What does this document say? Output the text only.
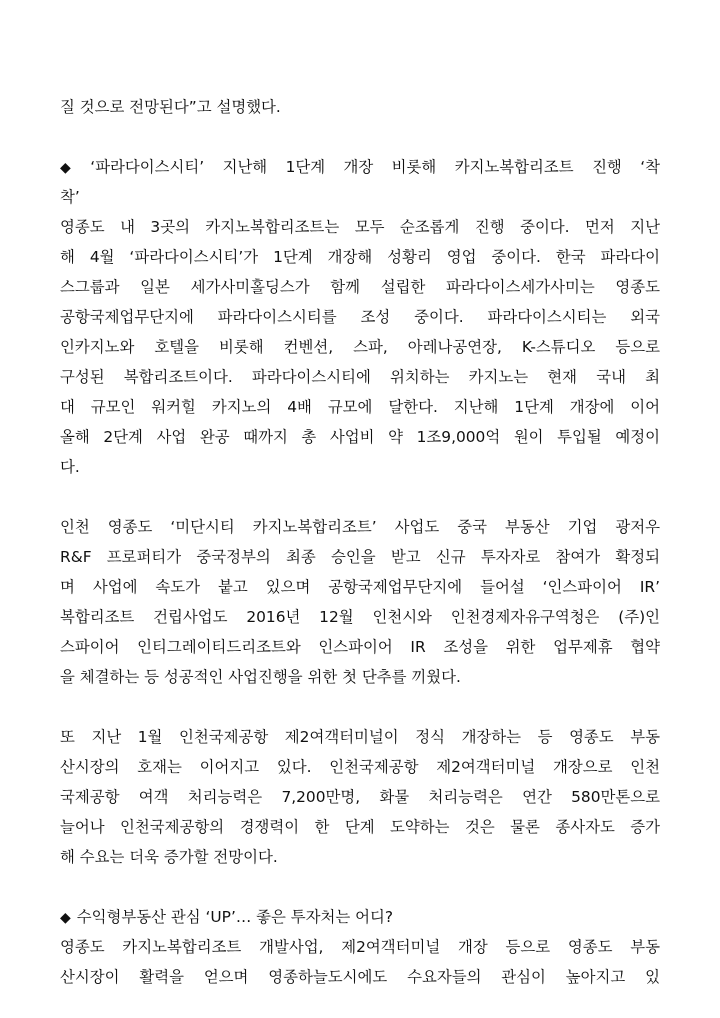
질 것으로 전망된다”고 설명했다.
◆ ‘파라다이스시티’ 지난해 1단계 개장 비롯해 카지노복합리조트 진행 ‘착
착’
영종도 내 3곳의 카지노복합리조트는 모두 순조롭게 진행 중이다. 먼저 지난
해 4월 ‘파라다이스시티’가 1단계 개장해 성황리 영업 중이다. 한국 파라다이
스그룹과 일본 세가사미홀딩스가 함께 설립한 파라다이스세가사미는 영종도
공항국제업무단지에 파라다이스시티를 조성 중이다. 파라다이스시티는 외국
인카지노와 호텔을 비롯해 컨벤션, 스파, 아레나공연장, K-스튜디오 등으로
구성된 복합리조트이다. 파라다이스시티에 위치하는 카지노는 현재 국내 최
대 규모인 워커힐 카지노의 4배 규모에 달한다. 지난해 1단계 개장에 이어
올해 2단계 사업 완공 때까지 총 사업비 약 1조9,000억 원이 투입될 예정이
다.
인천 영종도 ‘미단시티 카지노복합리조트’ 사업도 중국 부동산 기업 광저우
R&F 프로퍼티가 중국정부의 최종 승인을 받고 신규 투자자로 참여가 확정되
며 사업에 속도가 붙고 있으며 공항국제업무단지에 들어설 ‘인스파이어 IR’
복합리조트 건립사업도 2016년 12월 인천시와 인천경제자유구역청은 (주)인
스파이어 인티그레이티드리조트와 인스파이어 IR 조성을 위한 업무제휴 협약
을 체결하는 등 성공적인 사업진행을 위한 첫 단추를 끼웠다.
또 지난 1월 인천국제공항 제2여객터미널이 정식 개장하는 등 영종도 부동
산시장의 호재는 이어지고 있다. 인천국제공항 제2여객터미널 개장으로 인천
국제공항 여객 처리능력은 7,200만명, 화물 처리능력은 연간 580만톤으로
늘어나 인천국제공항의 경쟁력이 한 단계 도약하는 것은 물론 종사자도 증가
해 수요는 더욱 증가할 전망이다.
◆ 수익형부동산 관심 ‘UP’… 좋은 투자처는 어디?
영종도 카지노복합리조트 개발사업, 제2여객터미널 개장 등으로 영종도 부동
산시장이 활력을 얻으며 영종하늘도시에도 수요자들의 관심이 높아지고 있
